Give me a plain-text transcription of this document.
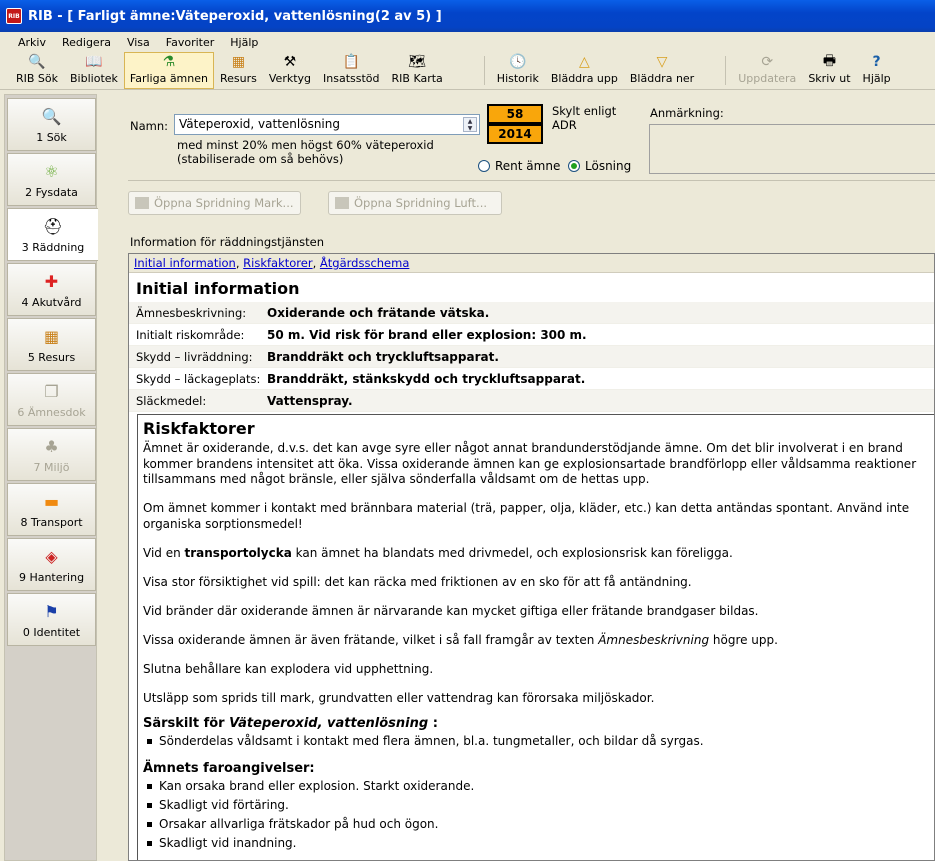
RIB RIB - [ Farligt ämne:Väteperoxid, vattenlösning(2 av 5) ]
Arkiv	Redigera	Visa	Favoriter	Hjälp
🔍
RIB Sök
📖
Bibliotek
⚗
Farliga ämnen
▦
Resurs
⚒
Verktyg
📋
Insatsstöd
🗺
RIB Karta
🕓
Historik
△
Bläddra upp
▽
Bläddra ner
⟳
Uppdatera
🖶
Skriv ut
?
Hjälp
🔍
1 Sök
⚛
2 Fysdata
⛑
3 Räddning
✚
4 Akutvård
▦
5 Resurs
❐
6 Ämnesdok
♣
7 Miljö
▬
8 Transport
◈
9 Hantering
⚑
0 Identitet
Namn: Väteperoxid, vattenlösning	▲
▼
med minst 20% men högst 60% väteperoxid (stabiliserade om så behövs)
58
2014
Skylt enligt ADR
Rent ämne Lösning
Anmärkning:
Öppna Spridning Mark...	Öppna Spridning Luft...
Information för räddningstjänsten
Initial information, Riskfaktorer, Åtgärdsschema
Initial information
Ämnesbeskrivning:	Oxiderande och frätande vätska.
Initialt riskområde:	50 m. Vid risk för brand eller explosion: 300 m.
Skydd – livräddning:	Branddräkt och tryckluftsapparat.
Skydd – läckageplats: Branddräkt, stänkskydd och tryckluftsapparat.
Släckmedel:	Vattenspray.
Riskfaktorer

Ämnet är oxiderande, d.v.s. det kan avge syre eller något annat brandunderstödjande ämne. Om det blir involverat i en brand kommer brandens intensitet att öka. Vissa oxiderande ämnen kan ge explosionsartade brandförlopp eller våldsamma reaktioner tillsammans med något bränsle, eller själva sönderfalla våldsamt om de hettas upp.

Om ämnet kommer i kontakt med brännbara material (trä, papper, olja, kläder, etc.) kan detta antändas spontant. Använd inte organiska sorptionsmedel!

Vid en transportolycka kan ämnet ha blandats med drivmedel, och explosionsrisk kan föreligga.

Visa stor försiktighet vid spill: det kan räcka med friktionen av en sko för att få antändning.

Vid bränder där oxiderande ämnen är närvarande kan mycket giftiga eller frätande brandgaser bildas.

Vissa oxiderande ämnen är även frätande, vilket i så fall framgår av texten Ämnesbeskrivning högre upp.

Slutna behållare kan explodera vid upphettning.

Utsläpp som sprids till mark, grundvatten eller vattendrag kan förorsaka miljöskador.

Särskilt för Väteperoxid, vattenlösning :
Sönderdelas våldsamt i kontakt med flera ämnen, bl.a. tungmetaller, och bildar då syrgas.
Ämnets faroangivelser:
Kan orsaka brand eller explosion. Starkt oxiderande.
Skadligt vid förtäring.
Orsakar allvarliga frätskador på hud och ögon.
Skadligt vid inandning.
